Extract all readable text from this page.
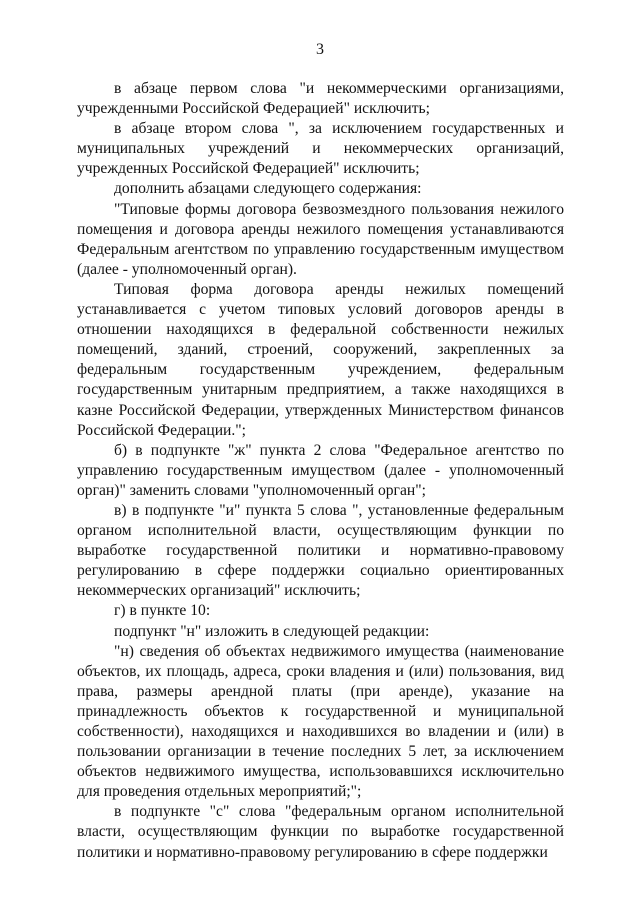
3

в абзаце первом слова "и некоммерческими организациями, учрежденными Российской Федерацией" исключить;

в абзаце втором слова ", за исключением государственных и муниципальных учреждений и некоммерческих организаций, учрежденных Российской Федерацией" исключить;

дополнить абзацами следующего содержания:

"Типовые формы договора безвозмездного пользования нежилого помещения и договора аренды нежилого помещения устанавливаются Федеральным агентством по управлению государственным имуществом (далее - уполномоченный орган).

Типовая форма договора аренды нежилых помещений устанавливается с учетом типовых условий договоров аренды в отношении находящихся в федеральной собственности нежилых помещений, зданий, строений, сооружений, закрепленных за федеральным государственным учреждением, федеральным государственным унитарным предприятием, а также находящихся в казне Российской Федерации, утвержденных Министерством финансов Российской Федерации.";

б) в подпункте "ж" пункта 2 слова "Федеральное агентство по управлению государственным имуществом (далее - уполномоченный орган)" заменить словами "уполномоченный орган";

в) в подпункте "и" пункта 5 слова ", установленные федеральным органом исполнительной власти, осуществляющим функции по выработке государственной политики и нормативно-правовому регулированию в сфере поддержки социально ориентированных некоммерческих организаций" исключить;

г) в пункте 10:

подпункт "н" изложить в следующей редакции:

"н) сведения об объектах недвижимого имущества (наименование объектов, их площадь, адреса, сроки владения и (или) пользования, вид права, размеры арендной платы (при аренде), указание на принадлежность объектов к государственной и муниципальной собственности), находящихся и находившихся во владении и (или) в пользовании организации в течение последних 5 лет, за исключением объектов недвижимого имущества, использовавшихся исключительно для проведения отдельных мероприятий;";

в подпункте "с" слова "федеральным органом исполнительной власти, осуществляющим функции по выработке государственной политики и нормативно-правовому регулированию в сфере поддержки
